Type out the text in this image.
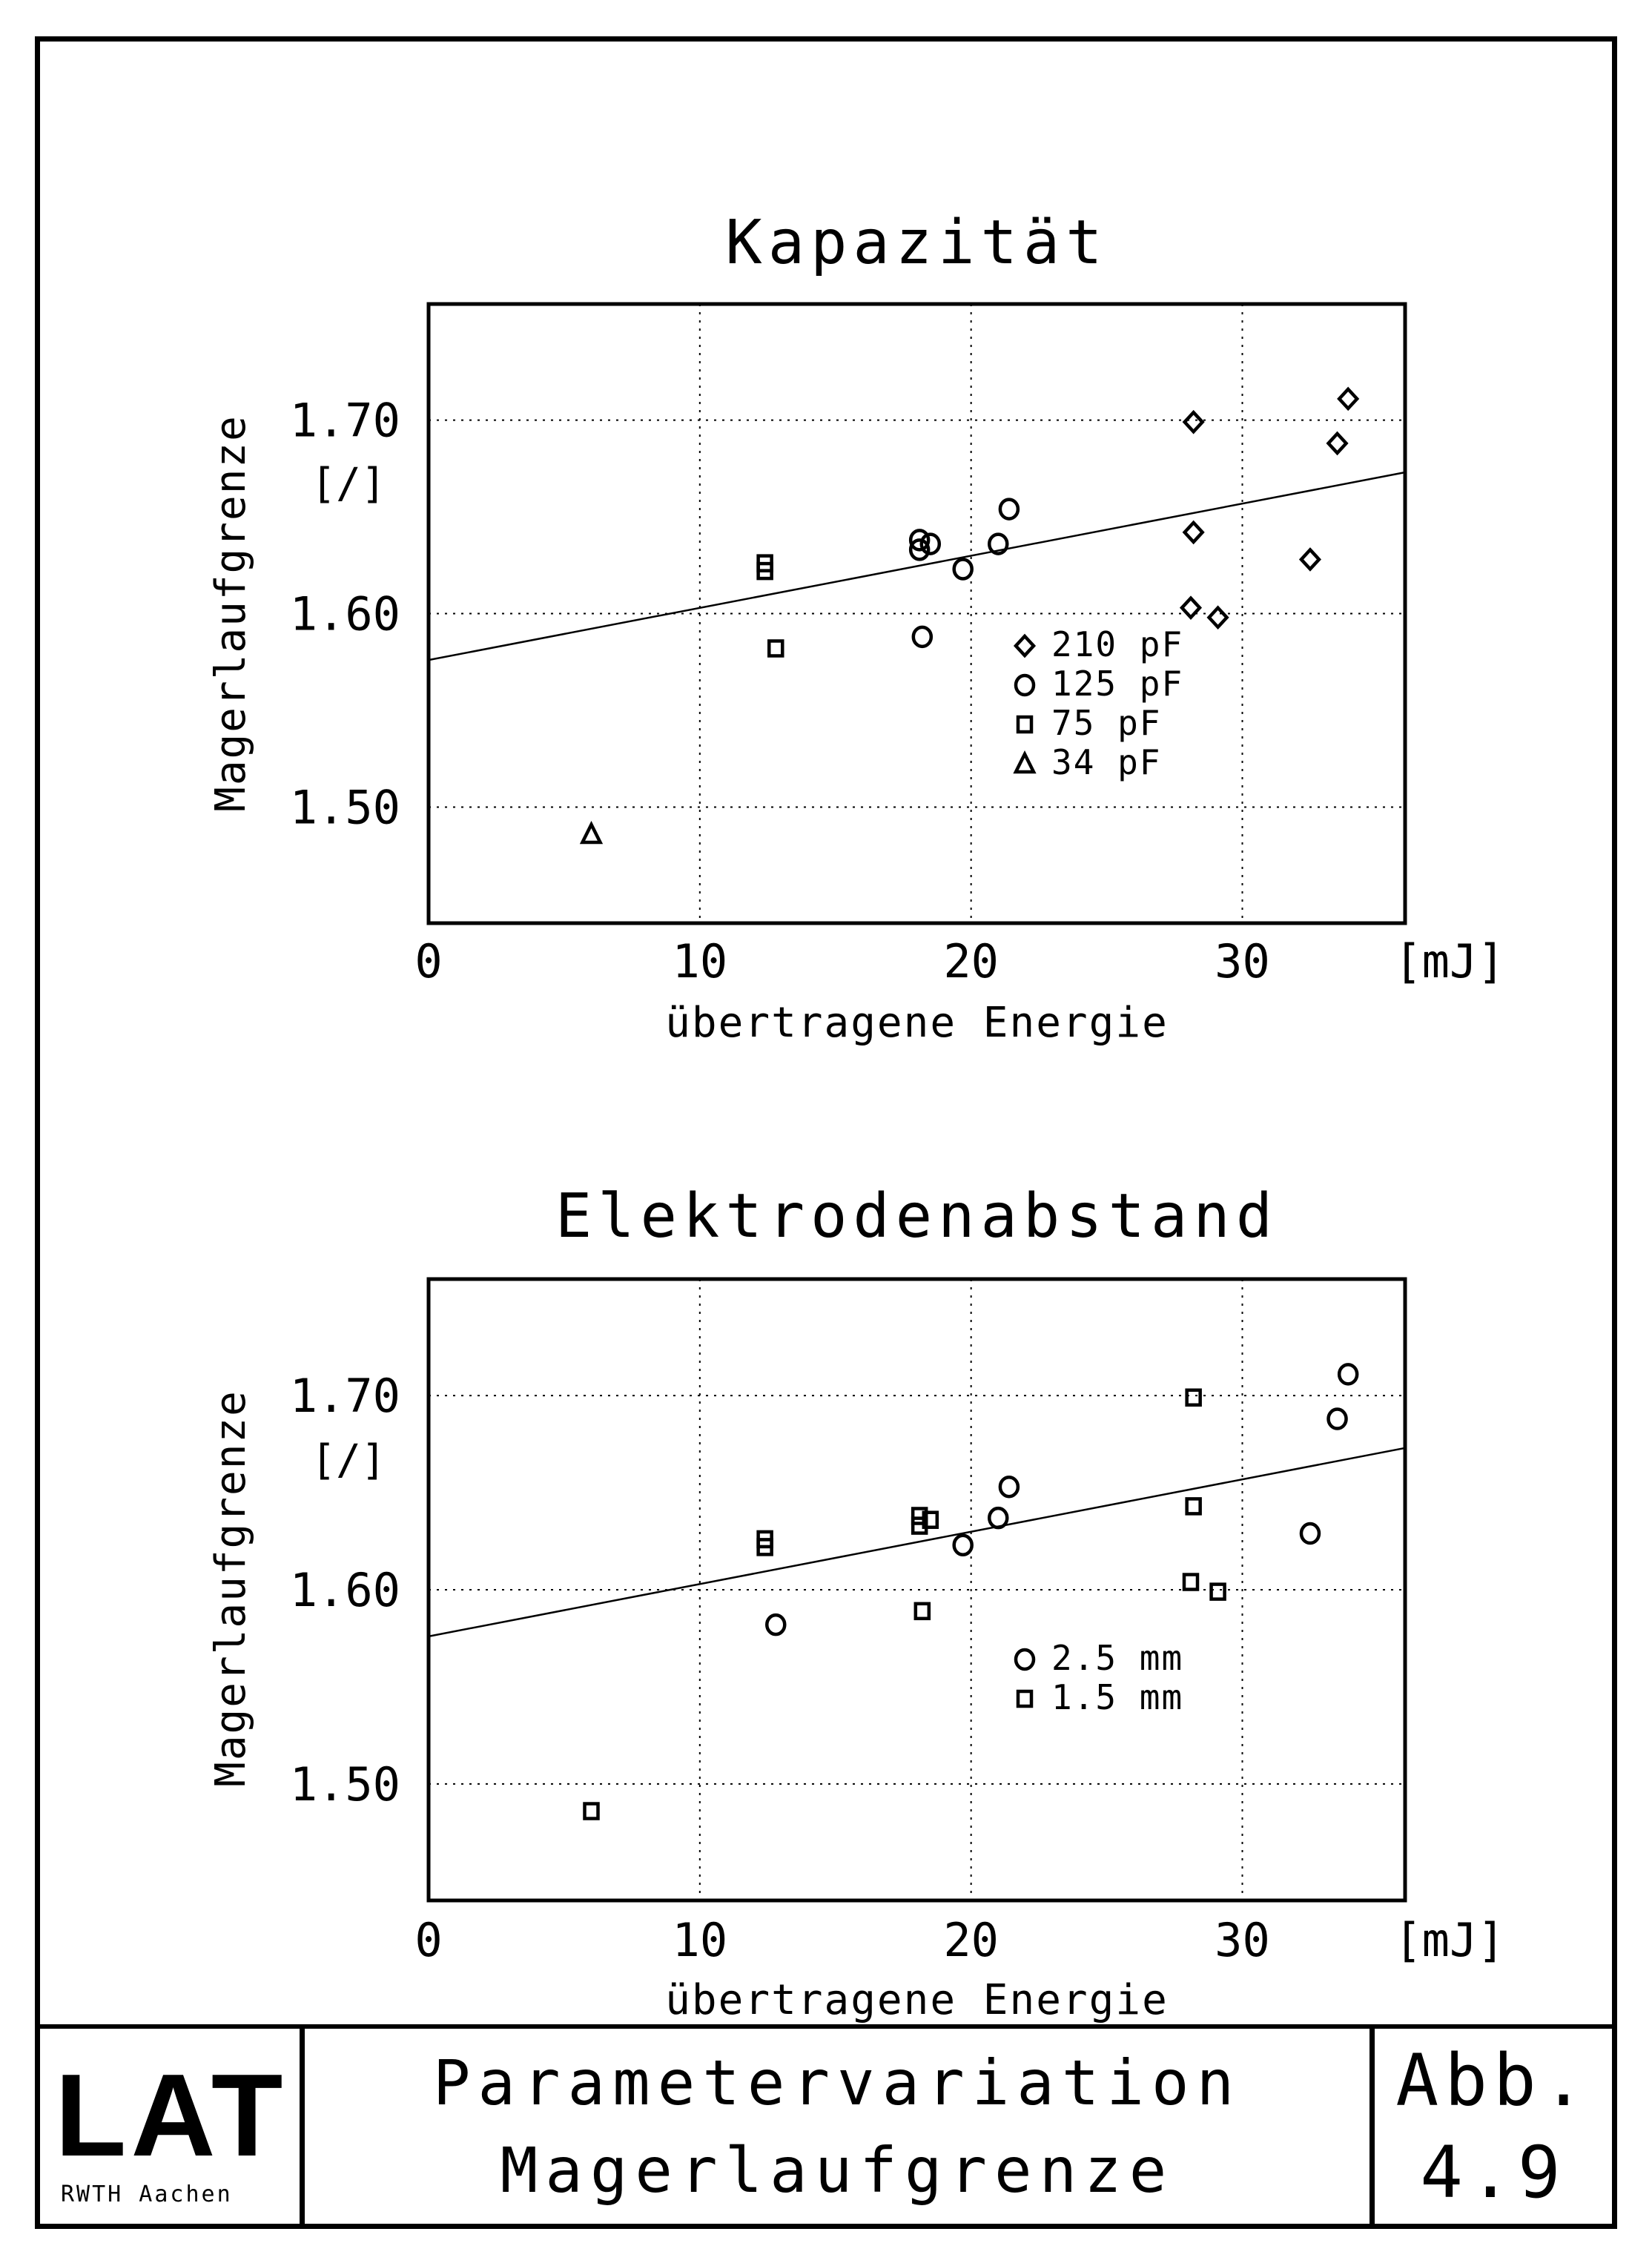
Kapazität
0	10	20	30	[mJ]
1.50
1.60
1.70
[/]
übertragene Energie
Magerlaufgrenze	210 pF
125 pF
75 pF
34 pF
Elektrodenabstand
0	10	20	30	[mJ]
1.50
1.60
1.70
[/]
übertragene Energie
Magerlaufgrenze	2.5 mm
1.5 mm
LAT
RWTH Aachen
Parametervariation
Magerlaufgrenze
Abb.
4.9
